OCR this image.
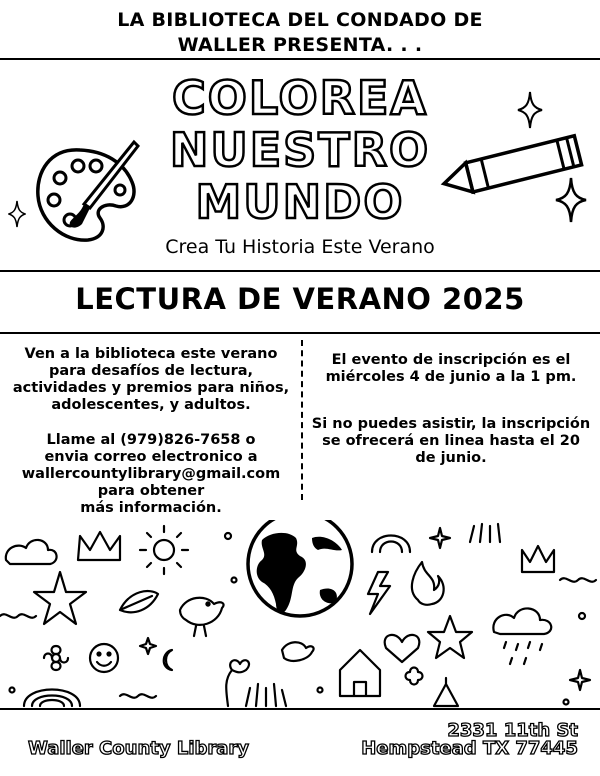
LA BIBLIOTECA DEL CONDADO DE
WALLER PRESENTA. . .
COLOREA
NUESTRO
MUNDO
Crea Tu Historia Este Verano
LECTURA DE VERANO 2025
Ven a la biblioteca este verano para desafíos de lectura, actividades y premios para niños, adolescentes, y adultos.
Llame al (979)826-7658 o
envia correo electronico a
wallercountylibrary@gmail.com
para obtener
más información.
El evento de inscripción es el miércoles 4 de junio a la 1 pm.
Si no puedes asistir, la inscripción se ofrecerá en linea hasta el 20 de junio.
Waller County Library
2331 11th St
Hempstead TX 77445
